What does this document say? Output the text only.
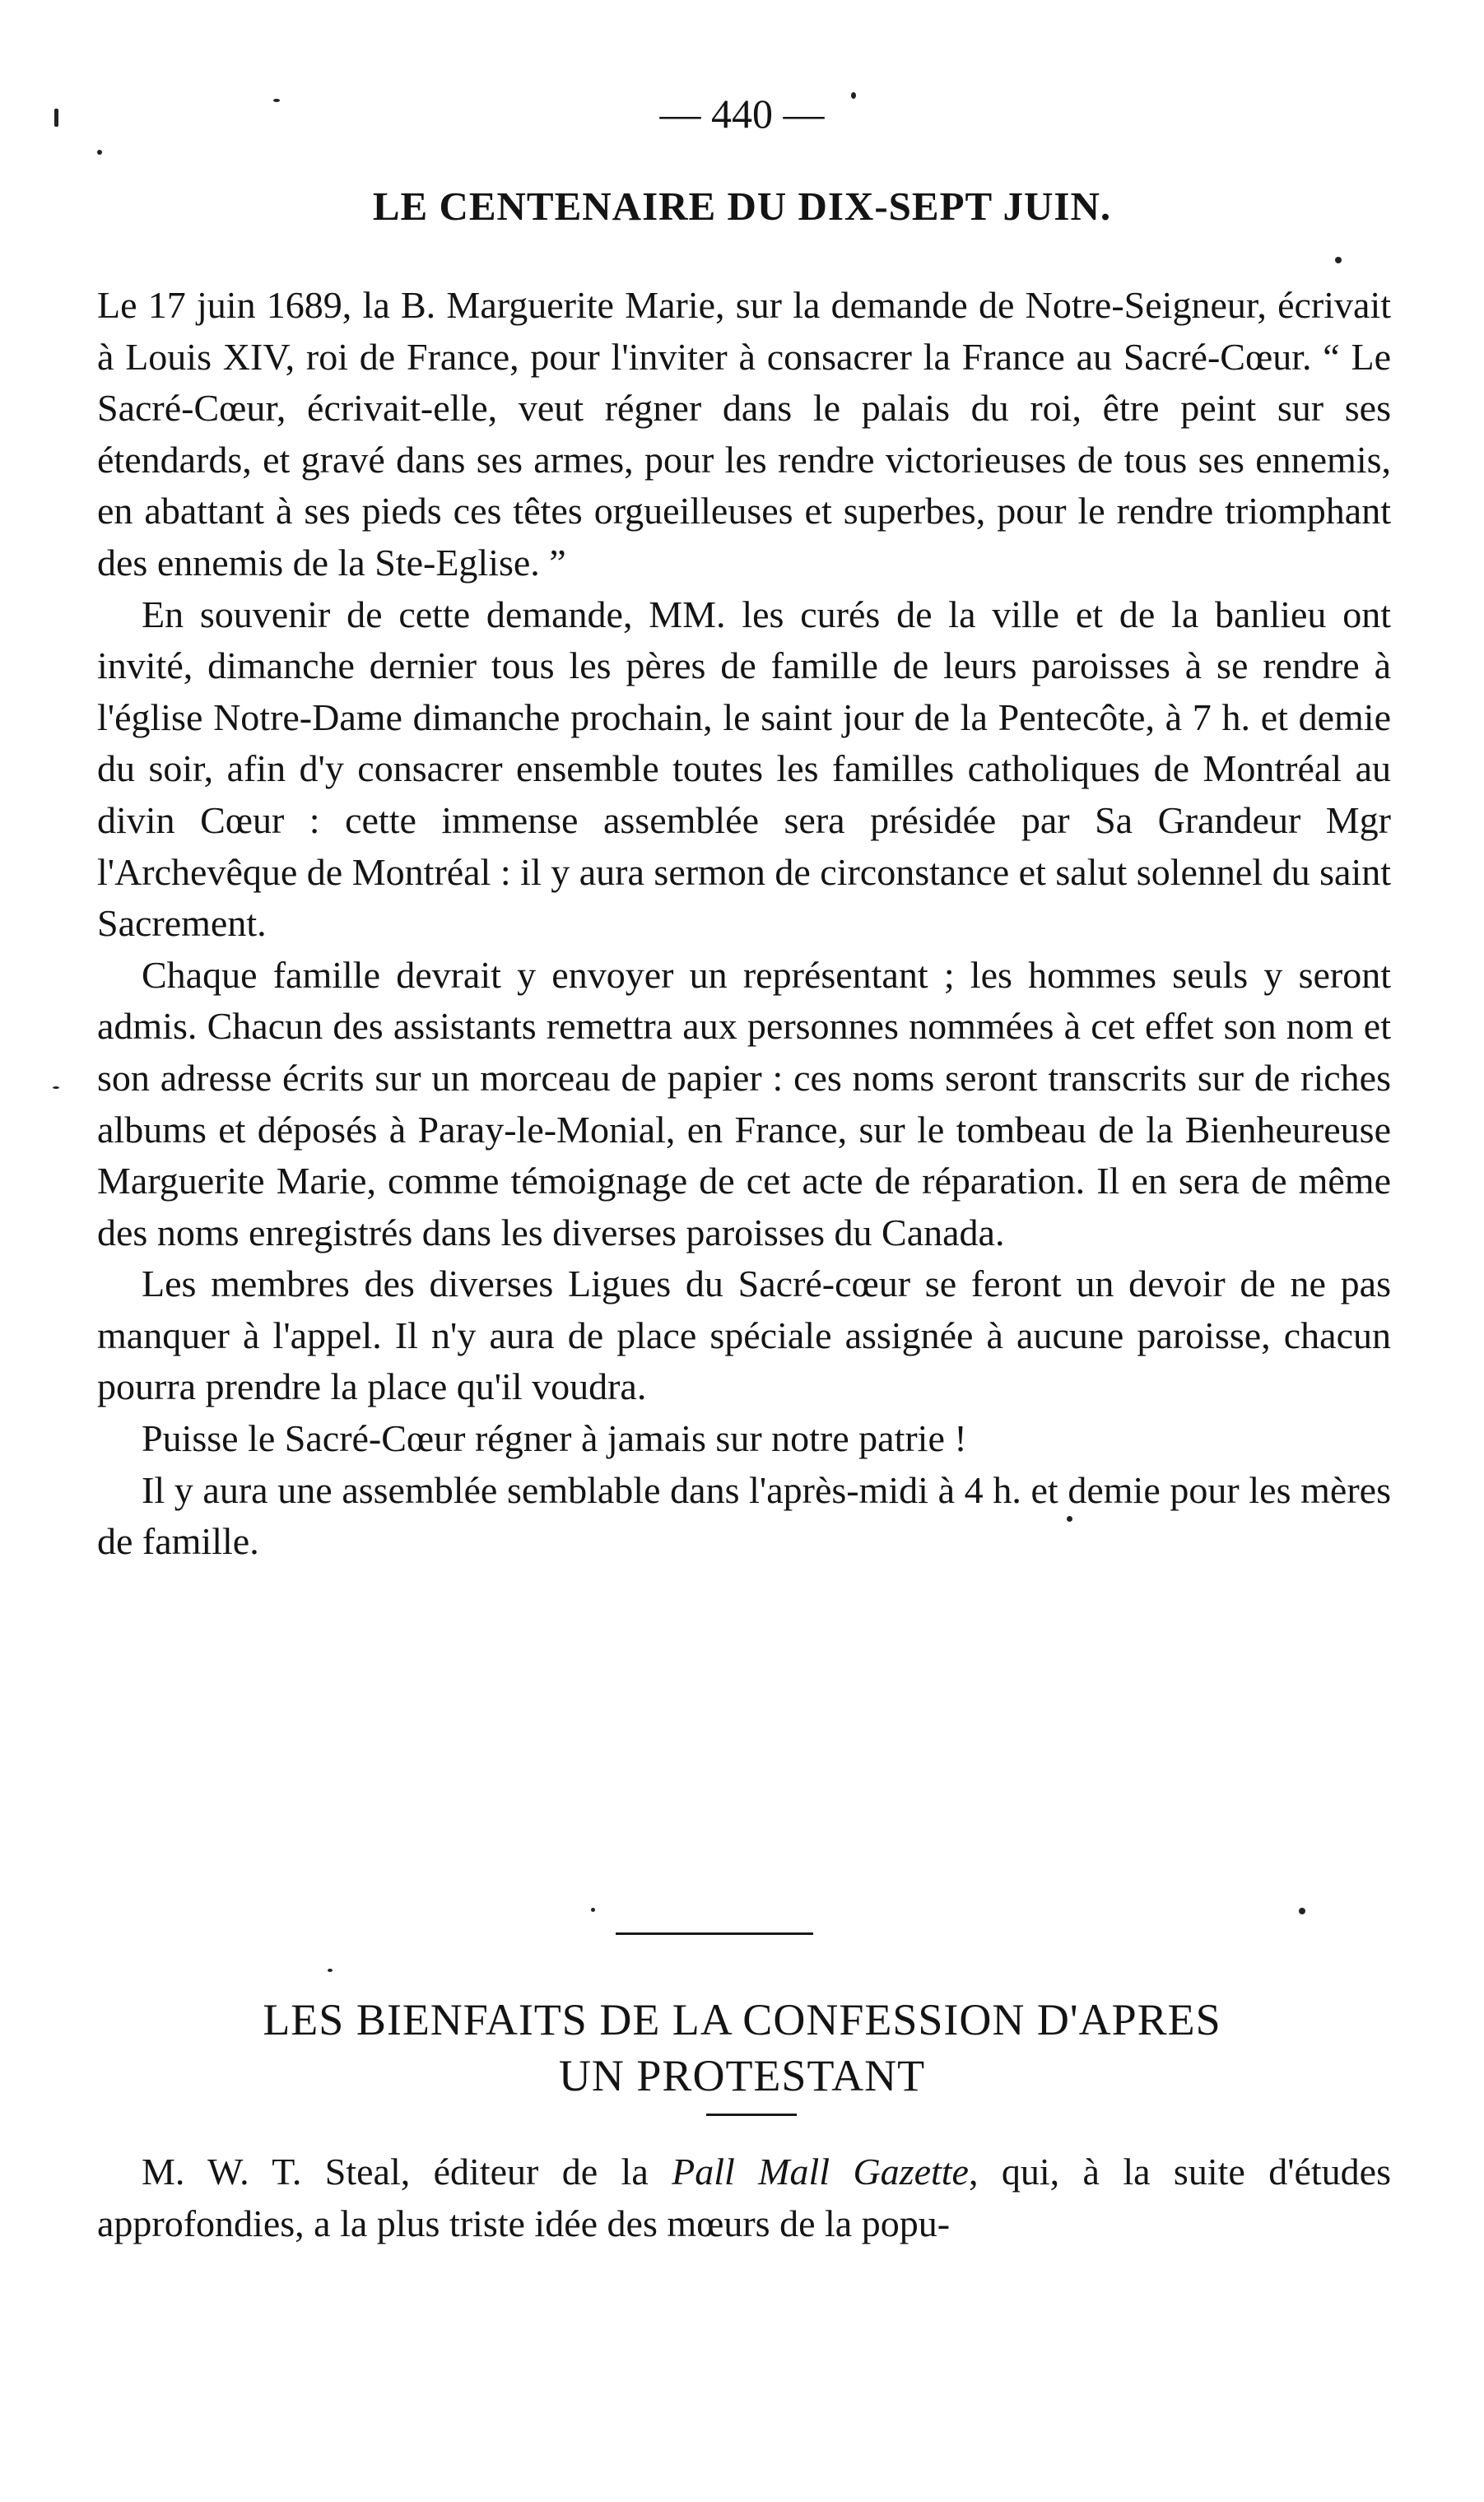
— 440 —
LE CENTENAIRE DU DIX-SEPT JUIN.

Le 17 juin 1689, la B. Marguerite Marie, sur la demande de Notre-Seigneur, écrivait à Louis XIV, roi de France, pour l'inviter à consacrer la France au Sacré-Cœur. “ Le Sacré-Cœur, écrivait-elle, veut régner dans le palais du roi, être peint sur ses étendards, et gravé dans ses armes, pour les rendre victorieuses de tous ses ennemis, en abattant à ses pieds ces têtes orgueilleuses et superbes, pour le rendre triomphant des ennemis de la Ste-Eglise. ”

En souvenir de cette demande, MM. les curés de la ville et de la banlieu ont invité, dimanche dernier tous les pères de famille de leurs paroisses à se rendre à l'église Notre-Dame dimanche prochain, le saint jour de la Pentecôte, à 7 h. et demie du soir, afin d'y consacrer ensemble toutes les familles catholiques de Montréal au divin Cœur : cette immense assemblée sera présidée par Sa Grandeur Mgr l'Archevêque de Montréal : il y aura sermon de circonstance et salut solennel du saint Sacrement.

Chaque famille devrait y envoyer un représentant ; les hommes seuls y seront admis. Chacun des assistants remettra aux personnes nommées à cet effet son nom et son adresse écrits sur un morceau de papier : ces noms seront transcrits sur de riches albums et déposés à Paray-le-Monial, en France, sur le tombeau de la Bienheureuse Marguerite Marie, comme témoignage de cet acte de réparation. Il en sera de même des noms enregistrés dans les diverses paroisses du Canada.

Les membres des diverses Ligues du Sacré-cœur se feront un devoir de ne pas manquer à l'appel. Il n'y aura de place spéciale assignée à aucune paroisse, chacun pourra prendre la place qu'il voudra.

Puisse le Sacré-Cœur régner à jamais sur notre patrie !

Il y aura une assemblée semblable dans l'après-midi à 4 h. et demie pour les mères de famille.

LES BIENFAITS DE LA CONFESSION D'APRES
UN PROTESTANT

M. W. T. Steal, éditeur de la Pall Mall Gazette, qui, à la suite d'études approfondies, a la plus triste idée des mœurs de la popu-
